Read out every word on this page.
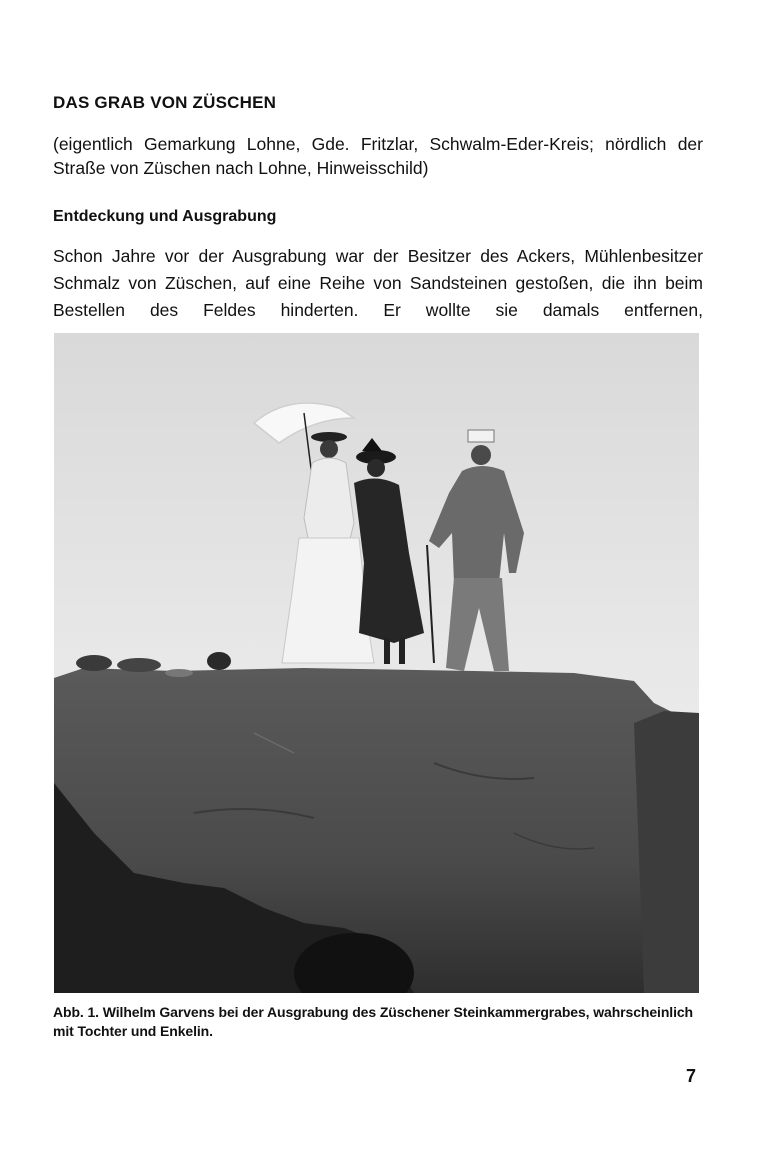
DAS GRAB VON ZÜSCHEN
(eigentlich Gemarkung Lohne, Gde. Fritzlar, Schwalm-Eder-Kreis; nördlich der Straße von Züschen nach Lohne, Hinweisschild)
Entdeckung und Ausgrabung
Schon Jahre vor der Ausgrabung war der Besitzer des Ackers, Mühlenbesitzer Schmalz von Züschen, auf eine Reihe von Sandsteinen gestoßen, die ihn beim Bestellen des Feldes hinderten. Er wollte sie damals entfernen,
Abb. 1. Wilhelm Garvens bei der Ausgrabung des Züschener Steinkammergrabes, wahrscheinlich mit Tochter und Enkelin.
7
